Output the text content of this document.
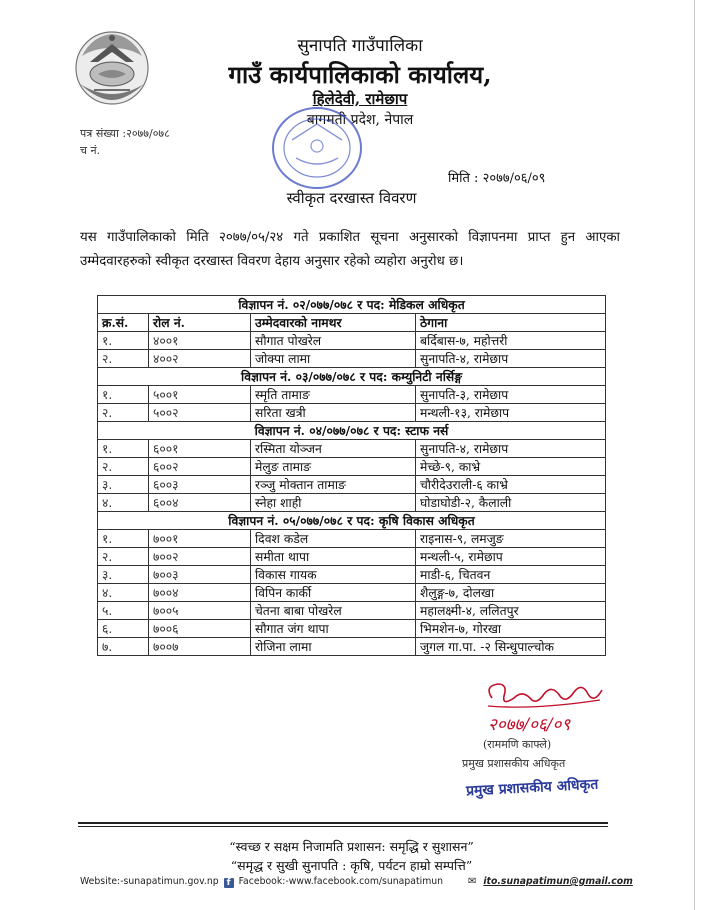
सुनापति गाउँपालिका
गाउँ कार्यपालिकाको कार्यालय,
हिलेदेवी, रामेछाप
बागमती प्रदेश, नेपाल
पत्र संख्या :२०७७/०७८
च नं.
मिति : २०७७/०६/०९
स्वीकृत दरखास्त विवरण
यस गाउँपालिकाको मिति २०७७/०५/२४ गते प्रकाशित सूचना अनुसारको विज्ञापनमा प्राप्त हुन आएका उम्मेदवारहरुको स्वीकृत दरखास्त विवरण देहाय अनुसार रहेको व्यहोरा अनुरोध छ।
विज्ञापन नं. ०२/०७७/०७८ र पद: मेडिकल अधिकृत			
क्र.सं.	रोल नं.	उम्मेदवारको नामथर	ठेगाना
१.	४००१	सौगात पोखरेल	बर्दिबास-७, महोत्तरी
२.	४००२	जोक्पा लामा	सुनापति-४, रामेछाप
विज्ञापन नं. ०३/०७७/०७८ र पद: कम्युनिटी नर्सिङ्ग			
१.	५००१	स्मृति तामाङ	सुनापति-३, रामेछाप
२.	५००२	सरिता खत्री	मन्थली-१३, रामेछाप
विज्ञापन नं. ०४/०७७/०७८ र पद: स्टाफ नर्स			
१.	६००१	रस्मिता योञ्जन	सुनापति-४, रामेछाप
२.	६००२	मेलुङ तामाङ	मेच्छे-९, काभ्रे
३.	६००३	रञ्जु मोक्तान तामाङ	चौरीदेउराली-६ काभ्रे
४.	६००४	स्नेहा शाही	घोडाघोडी-२, कैलाली
विज्ञापन नं. ०५/०७७/०७८ र पद: कृषि विकास अधिकृत			
१.	७००१	दिवश कडेल	राइनास-९, लमजुङ
२.	७००२	समीता थापा	मन्थली-५, रामेछाप
३.	७००३	विकास गायक	माडी-६, चितवन
४.	७००४	विपिन कार्की	शैलुङ्ग-७, दोलखा
५.	७००५	चेतना बाबा पोखरेल	महालक्ष्मी-४, ललितपुर
६.	७००६	सौगात जंग थापा	भिमशेन-७, गोरखा
७.	७००७	रोजिना लामा	जुगल गा.पा. -२ सिन्धुपाल्चोक
२०७७/०६/०९
(राममणि काफ्ले)
प्रमुख प्रशासकीय अधिकृत
प्रमुख प्रशासकीय अधिकृत
“स्वच्छ र सक्षम निजामति प्रशासन: समृद्धि र सुशासन”
“समृद्ध र सुखी सुनापति : कृषि, पर्यटन हाम्रो सम्पत्ति”
Website:-sunapatimun.gov.np f Facebook:-www.facebook.com/sunapatimun ✉ ito.sunapatimun@gmail.com
